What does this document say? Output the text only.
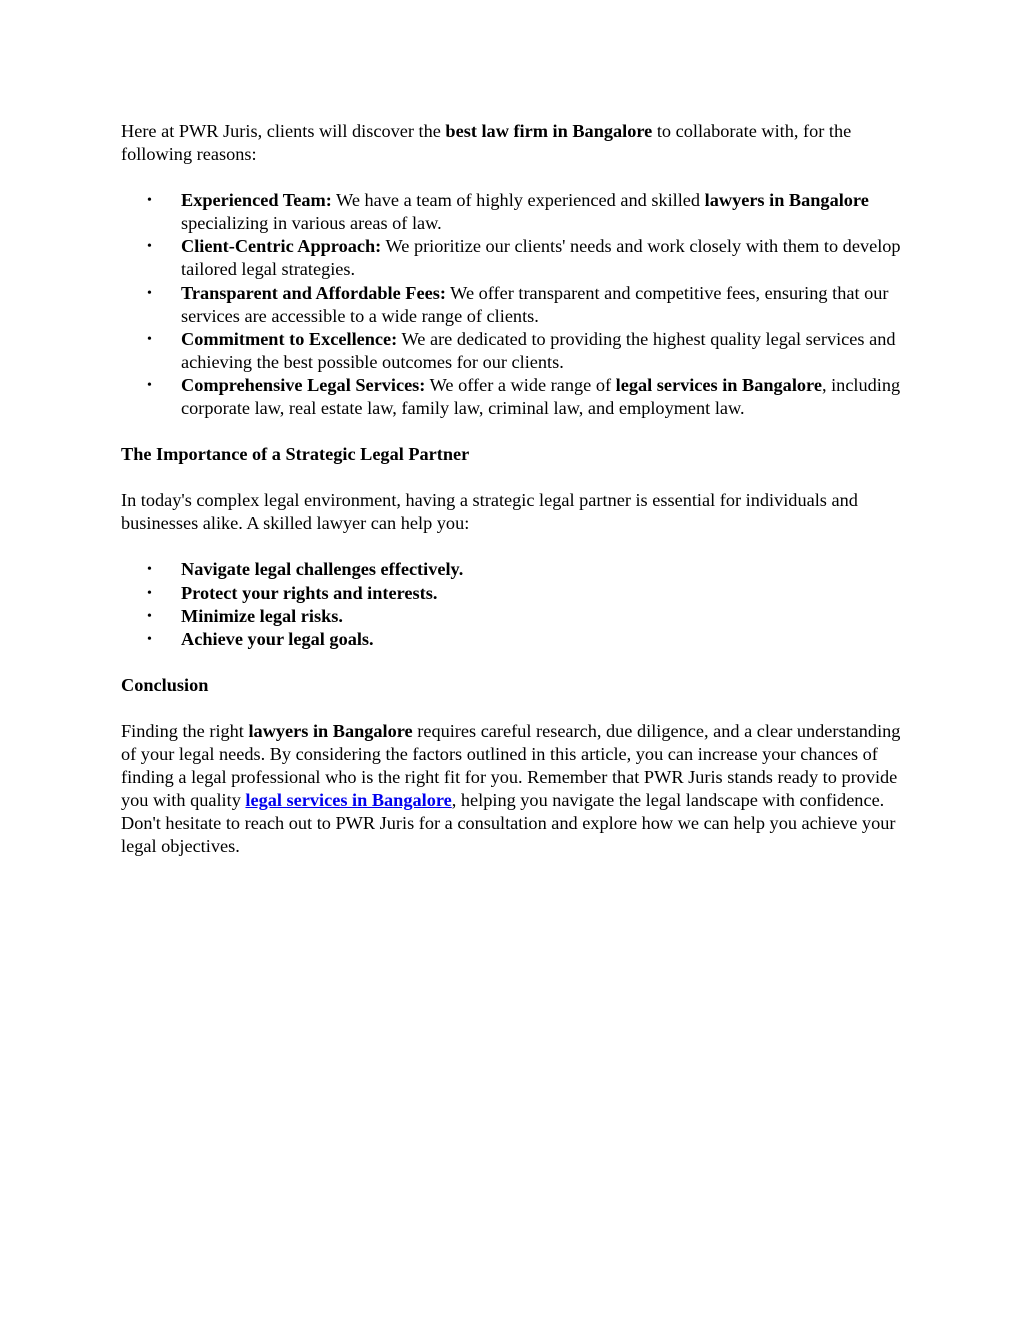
Here at PWR Juris, clients will discover the best law firm in Bangalore to collaborate with, for the following reasons:

• Experienced Team: We have a team of highly experienced and skilled lawyers in Bangalore specializing in various areas of law.
• Client-Centric Approach: We prioritize our clients' needs and work closely with them to develop tailored legal strategies.
• Transparent and Affordable Fees: We offer transparent and competitive fees, ensuring that our services are accessible to a wide range of clients.
• Commitment to Excellence: We are dedicated to providing the highest quality legal services and achieving the best possible outcomes for our clients.
• Comprehensive Legal Services: We offer a wide range of legal services in Bangalore, including corporate law, real estate law, family law, criminal law, and employment law.
The Importance of a Strategic Legal Partner

In today's complex legal environment, having a strategic legal partner is essential for individuals and businesses alike. A skilled lawyer can help you:

• Navigate legal challenges effectively.
• Protect your rights and interests.
• Minimize legal risks.
• Achieve your legal goals.
Conclusion

Finding the right lawyers in Bangalore requires careful research, due diligence, and a clear understanding of your legal needs. By considering the factors outlined in this article, you can increase your chances of finding a legal professional who is the right fit for you. Remember that PWR Juris stands ready to provide you with quality legal services in Bangalore, helping you navigate the legal landscape with confidence. Don't hesitate to reach out to PWR Juris for a consultation and explore how we can help you achieve your legal objectives.
